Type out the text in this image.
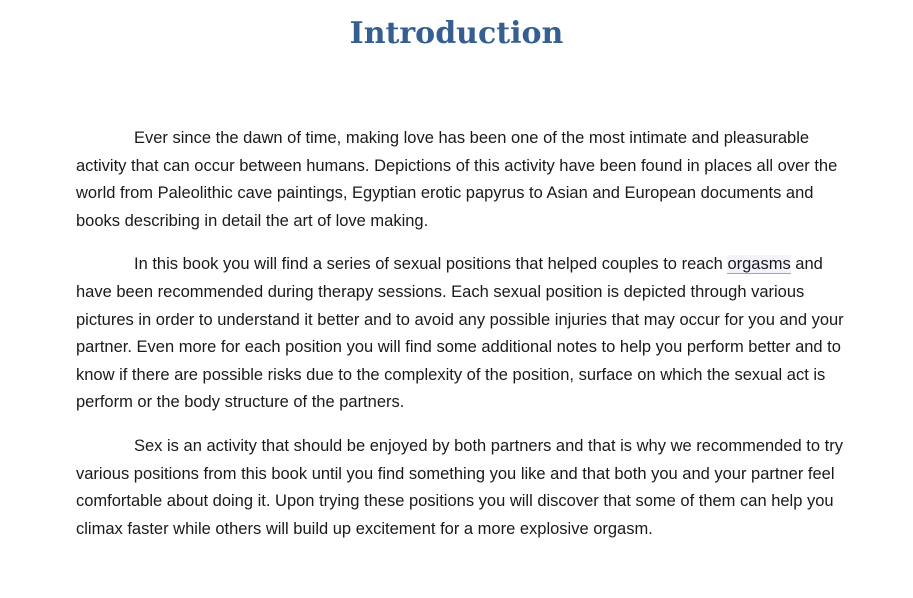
Introduction

Ever since the dawn of time, making love has been one of the most intimate and pleasurable activity that can occur between humans. Depictions of this activity have been found in places all over the world from Paleolithic cave paintings, Egyptian erotic papyrus to Asian and European documents and books describing in detail the art of love making.

In this book you will find a series of sexual positions that helped couples to reach orgasms and have been recommended during therapy sessions. Each sexual position is depicted through various pictures in order to understand it better and to avoid any possible injuries that may occur for you and your partner. Even more for each position you will find some additional notes to help you perform better and to know if there are possible risks due to the complexity of the position, surface on which the sexual act is perform or the body structure of the partners.

Sex is an activity that should be enjoyed by both partners and that is why we recommended to try various positions from this book until you find something you like and that both you and your partner feel comfortable about doing it. Upon trying these positions you will discover that some of them can help you climax faster while others will build up excitement for a more explosive orgasm.
